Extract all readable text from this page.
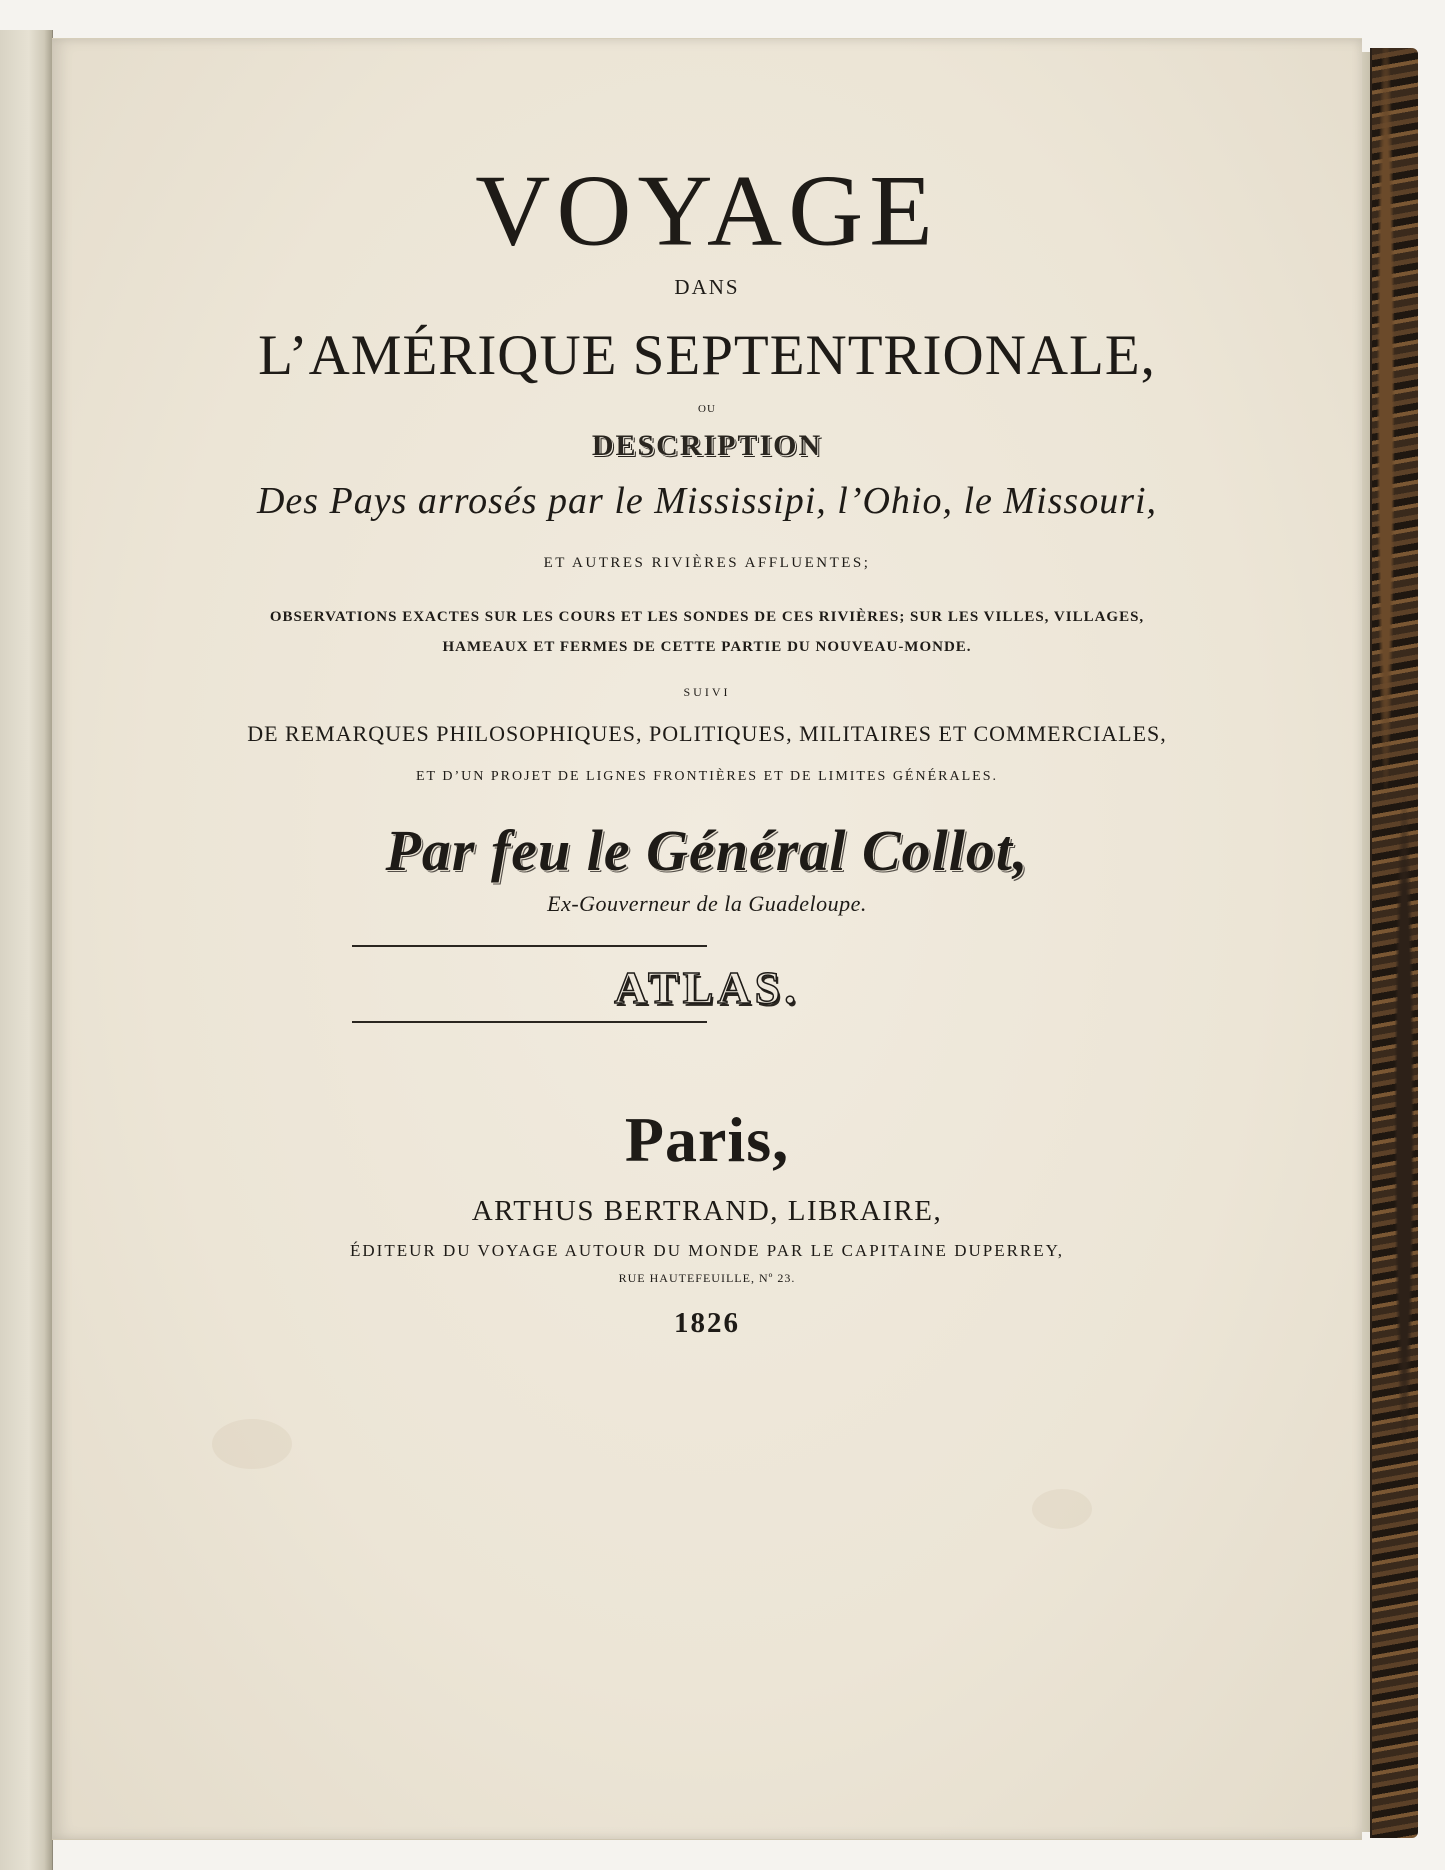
VOYAGE
DANS
L’AMÉRIQUE SEPTENTRIONALE,
OU
DESCRIPTION
Des Pays arrosés par le Mississipi, l’Ohio, le Missouri,
ET AUTRES RIVIÈRES AFFLUENTES;
OBSERVATIONS EXACTES SUR LES COURS ET LES SONDES DE CES RIVIÈRES; SUR LES VILLES, VILLAGES,
HAMEAUX ET FERMES DE CETTE PARTIE DU NOUVEAU-MONDE.
SUIVI
DE REMARQUES PHILOSOPHIQUES, POLITIQUES, MILITAIRES ET COMMERCIALES,
ET D’UN PROJET DE LIGNES FRONTIÈRES ET DE LIMITES GÉNÉRALES.
Par feu le Général Collot,
Ex-Gouverneur de la Guadeloupe.
ATLAS.
Paris,
ARTHUS BERTRAND, LIBRAIRE,
ÉDITEUR DU VOYAGE AUTOUR DU MONDE PAR LE CAPITAINE DUPERREY,
RUE HAUTEFEUILLE, Nº 23.
1826
